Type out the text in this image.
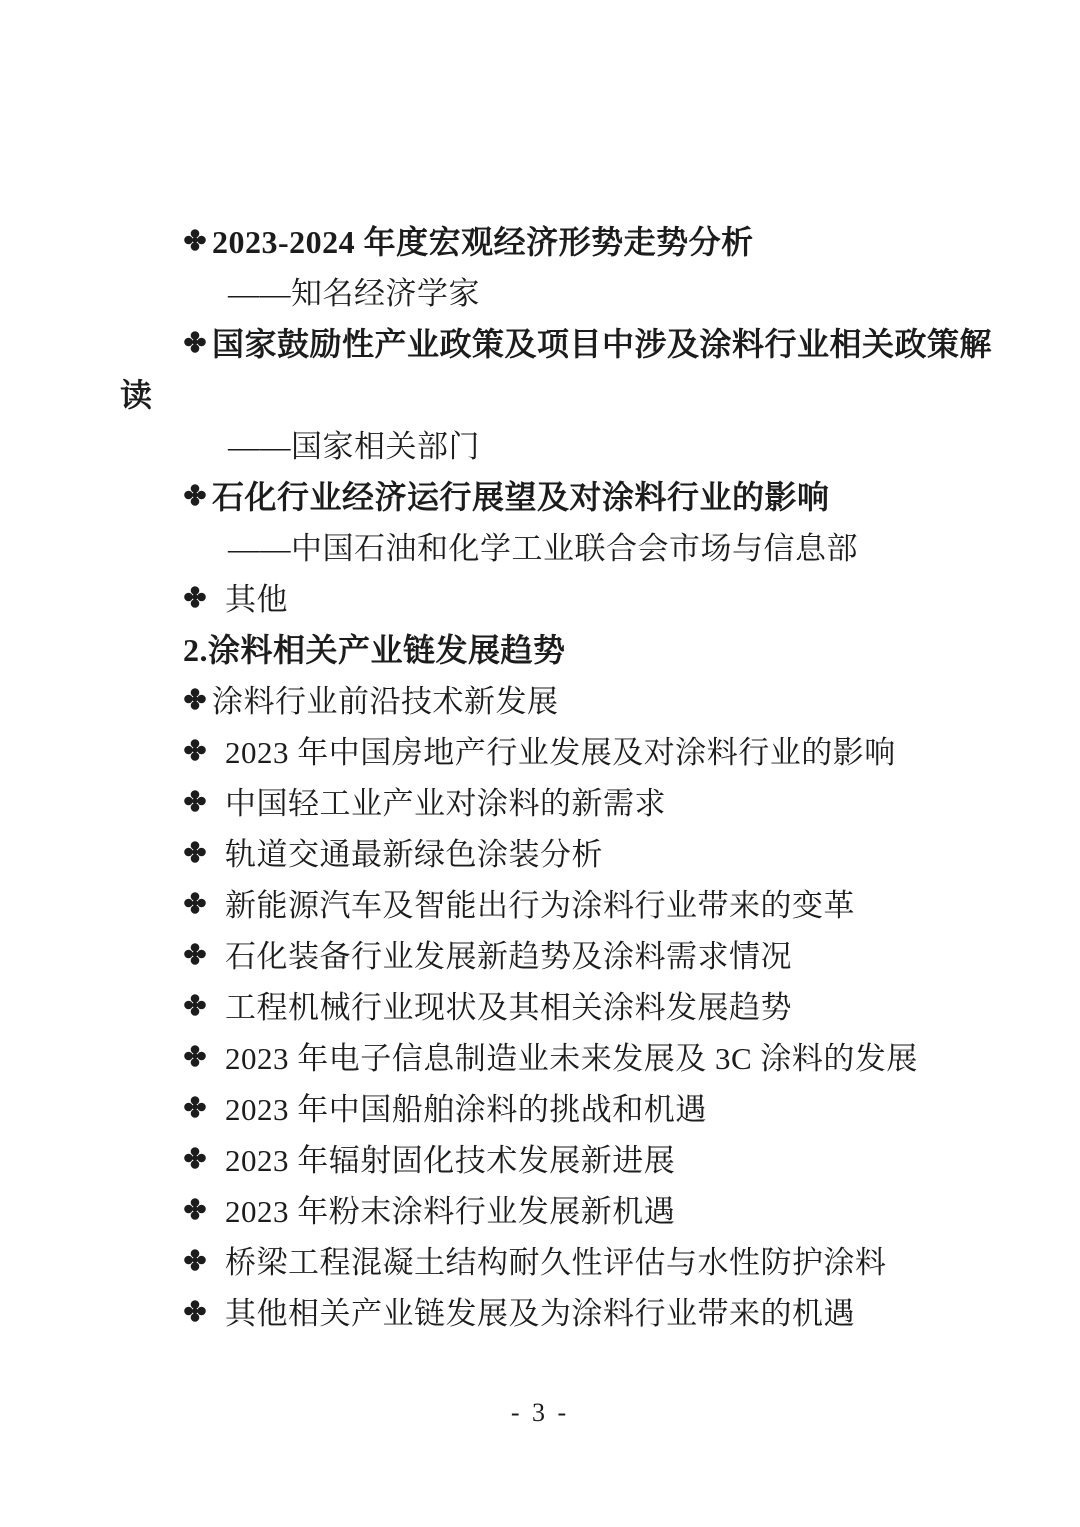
2023-2024 年度宏观经济形势走势分析
——知名经济学家
国家鼓励性产业政策及项目中涉及涂料行业相关政策解
读
——国家相关部门
石化行业经济运行展望及对涂料行业的影响
——中国石油和化学工业联合会市场与信息部
其他
2.涂料相关产业链发展趋势
涂料行业前沿技术新发展
2023 年中国房地产行业发展及对涂料行业的影响
中国轻工业产业对涂料的新需求
轨道交通最新绿色涂装分析
新能源汽车及智能出行为涂料行业带来的变革
石化装备行业发展新趋势及涂料需求情况
工程机械行业现状及其相关涂料发展趋势
2023 年电子信息制造业未来发展及 3C 涂料的发展
2023 年中国船舶涂料的挑战和机遇
2023 年辐射固化技术发展新进展
2023 年粉末涂料行业发展新机遇
桥梁工程混凝土结构耐久性评估与水性防护涂料
其他相关产业链发展及为涂料行业带来的机遇
- 3 -
